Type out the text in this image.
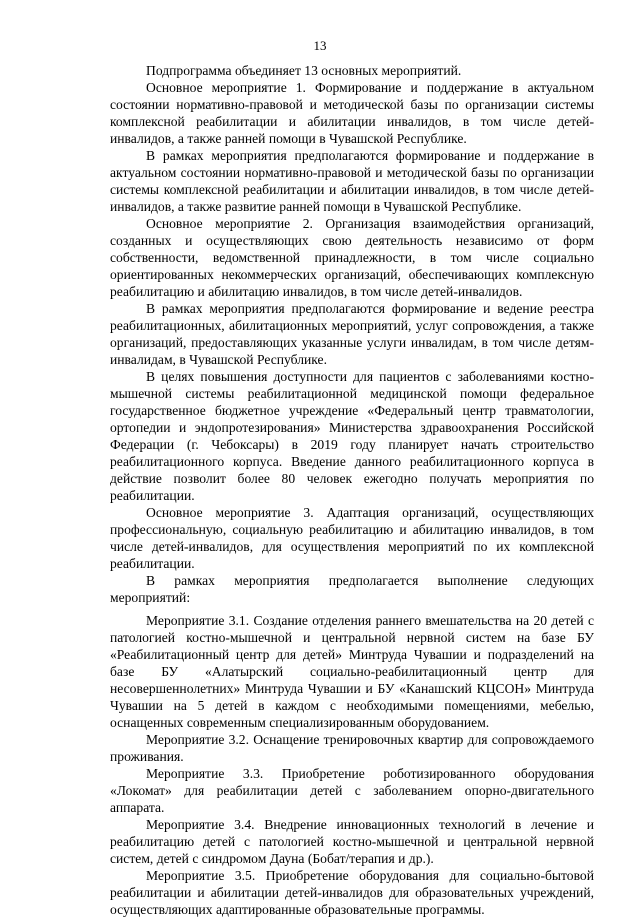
13

Подпрограмма объединяет 13 основных мероприятий.

Основное мероприятие 1. Формирование и поддержание в актуальном состоянии нормативно-правовой и методической базы по организации системы комплексной реабилитации и абилитации инвалидов, в том числе детей-инвалидов, а также ранней помощи в Чувашской Республике.

В рамках мероприятия предполагаются формирование и поддержание в актуальном состоянии нормативно-правовой и методической базы по организации системы комплексной реабилитации и абилитации инвалидов, в том числе детей-инвалидов, а также развитие ранней помощи в Чувашской Республике.

Основное мероприятие 2. Организация взаимодействия организаций, созданных и осуществляющих свою деятельность независимо от форм собственности, ведомственной принадлежности, в том числе социально ориентированных некоммерческих организаций, обеспечивающих комплексную реабилитацию и абилитацию инвалидов, в том числе детей-инвалидов.

В рамках мероприятия предполагаются формирование и ведение реестра реабилитационных, абилитационных мероприятий, услуг сопровождения, а также организаций, предоставляющих указанные услуги инвалидам, в том числе детям-инвалидам, в Чувашской Республике.

В целях повышения доступности для пациентов с заболеваниями костно-мышечной системы реабилитационной медицинской помощи федеральное государственное бюджетное учреждение «Федеральный центр травматологии, ортопедии и эндопротезирования» Министерства здравоохранения Российской Федерации (г. Чебоксары) в 2019 году планирует начать строительство реабилитационного корпуса. Введение данного реабилитационного корпуса в действие позволит более 80 человек ежегодно получать мероприятия по реабилитации.

Основное мероприятие 3. Адаптация организаций, осуществляющих профессиональную, социальную реабилитацию и абилитацию инвалидов, в том числе детей-инвалидов, для осуществления мероприятий по их комплексной реабилитации.

В рамках мероприятия предполагается выполнение следующих мероприятий:

Мероприятие 3.1. Создание отделения раннего вмешательства на 20 детей с патологией костно-мышечной и центральной нервной систем на базе БУ «Реабилитационный центр для детей» Минтруда Чувашии и подразделений на базе БУ «Алатырский социально-реабилитационный центр для несовершеннолетних» Минтруда Чувашии и БУ «Канашский КЦСОН» Минтруда Чувашии на 5 детей в каждом с необходимыми помещениями, мебелью, оснащенных современным специализированным оборудованием.

Мероприятие 3.2. Оснащение тренировочных квартир для сопровождаемого проживания.

Мероприятие 3.3. Приобретение роботизированного оборудования «Локомат» для реабилитации детей с заболеванием опорно-двигательного аппарата.

Мероприятие 3.4. Внедрение инновационных технологий в лечение и реабилитацию детей с патологией костно-мышечной и центральной нервной систем, детей с синдромом Дауна (Бобат/терапия и др.).

Мероприятие 3.5. Приобретение оборудования для социально-бытовой реабилитации и абилитации детей-инвалидов для образовательных учреждений, осуществляющих адаптированные образовательные программы.
